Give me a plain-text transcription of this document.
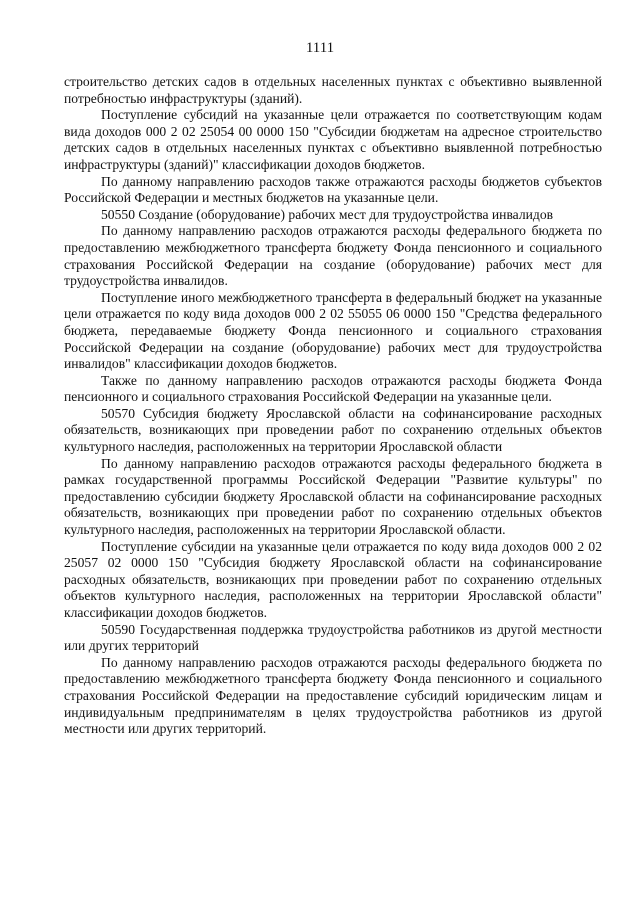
1111

строительство детских садов в отдельных населенных пунктах с объективно выявленной потребностью инфраструктуры (зданий).

Поступление субсидий на указанные цели отражается по соответствующим кодам вида доходов 000 2 02 25054 00 0000 150 "Субсидии бюджетам на адресное строительство детских садов в отдельных населенных пунктах с объективно выявленной потребностью инфраструктуры (зданий)" классификации доходов бюджетов.

По данному направлению расходов также отражаются расходы бюджетов субъектов Российской Федерации и местных бюджетов на указанные цели.

50550 Создание (оборудование) рабочих мест для трудоустройства инвалидов

По данному направлению расходов отражаются расходы федерального бюджета по предоставлению межбюджетного трансферта бюджету Фонда пенсионного и социального страхования Российской Федерации на создание (оборудование) рабочих мест для трудоустройства инвалидов.

Поступление иного межбюджетного трансферта в федеральный бюджет на указанные цели отражается по коду вида доходов 000 2 02 55055 06 0000 150 "Средства федерального бюджета, передаваемые бюджету Фонда пенсионного и социального страхования Российской Федерации на создание (оборудование) рабочих мест для трудоустройства инвалидов" классификации доходов бюджетов.

Также по данному направлению расходов отражаются расходы бюджета Фонда пенсионного и социального страхования Российской Федерации на указанные цели.

50570 Субсидия бюджету Ярославской области на софинансирование расходных обязательств, возникающих при проведении работ по сохранению отдельных объектов культурного наследия, расположенных на территории Ярославской области

По данному направлению расходов отражаются расходы федерального бюджета в рамках государственной программы Российской Федерации "Развитие культуры" по предоставлению субсидии бюджету Ярославской области на софинансирование расходных обязательств, возникающих при проведении работ по сохранению отдельных объектов культурного наследия, расположенных на территории Ярославской области.

Поступление субсидии на указанные цели отражается по коду вида доходов 000 2 02 25057 02 0000 150 "Субсидия бюджету Ярославской области на софинансирование расходных обязательств, возникающих при проведении работ по сохранению отдельных объектов культурного наследия, расположенных на территории Ярославской области" классификации доходов бюджетов.

50590 Государственная поддержка трудоустройства работников из другой местности или других территорий

По данному направлению расходов отражаются расходы федерального бюджета по предоставлению межбюджетного трансферта бюджету Фонда пенсионного и социального страхования Российской Федерации на предоставление субсидий юридическим лицам и индивидуальным предпринимателям в целях трудоустройства работников из другой местности или других территорий.
